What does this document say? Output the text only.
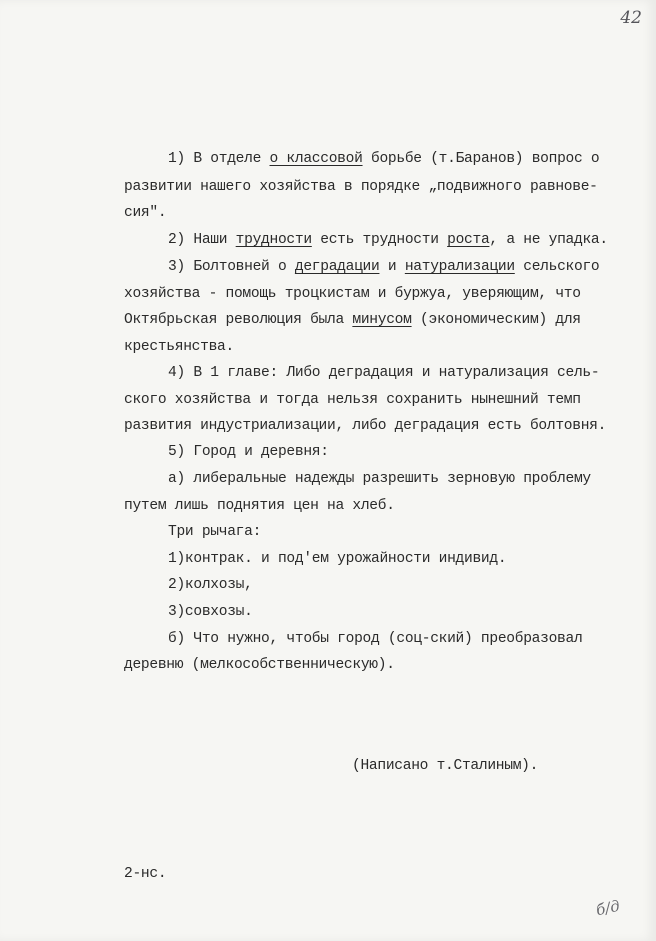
42
1) В отделе о классовой борьбе (т.Баранов) вопрос о
развитии нашего хозяйства в порядке „подвижного равнове-
сия".
2) Наши трудности есть трудности роста, а не упадка.
3) Болтовней о деградации и натурализации сельского
хозяйства - помощь троцкистам и буржуа, уверяющим, что
Октябрьская революция была минусом (экономическим) для
крестьянства.
4) В 1 главе: Либо деградация и натурализация сель-
ского хозяйства и тогда нельзя сохранить нынешний темп
развития индустриализации, либо деградация есть болтовня.
5) Город и деревня:
а) либеральные надежды разрешить зерновую проблему
путем лишь поднятия цен на хлеб.
Три рычага:
1)контрак. и под'ем урожайности индивид.
2)колхозы,
3)совхозы.
б) Что нужно, чтобы город (соц-ский) преобразовал
деревню (мелкособственническую).
(Написано т.Сталиным).
2-нс.
б/д
